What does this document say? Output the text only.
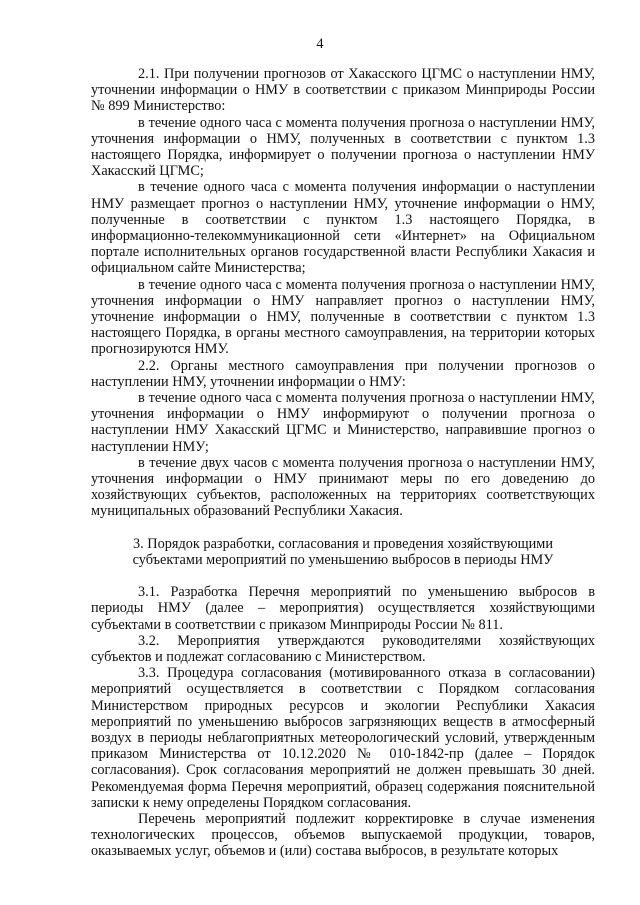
4

2.1. При получении прогнозов от Хакасского ЦГМС о наступлении НМУ, уточнении информации о НМУ в соответствии с приказом Минприроды России № 899 Министерство:

в течение одного часа с момента получения прогноза о наступлении НМУ, уточнения информации о НМУ, полученных в соответствии с пунктом 1.3 настоящего Порядка, информирует о получении прогноза о наступлении НМУ Хакасский ЦГМС;

в течение одного часа с момента получения информации о наступлении НМУ размещает прогноз о наступлении НМУ, уточнение информации о НМУ, полученные в соответствии с пунктом 1.3 настоящего Порядка, в информационно-телекоммуникационной сети «Интернет» на Официальном портале исполнительных органов государственной власти Республики Хакасия и официальном сайте Министерства;

в течение одного часа с момента получения прогноза о наступлении НМУ, уточнения информации о НМУ направляет прогноз о наступлении НМУ, уточнение информации о НМУ, полученные в соответствии с пунктом 1.3 настоящего Порядка, в органы местного самоуправления, на территории которых прогнозируются НМУ.

2.2. Органы местного самоуправления при получении прогнозов о наступлении НМУ, уточнении информации о НМУ:

в течение одного часа с момента получения прогноза о наступлении НМУ, уточнения информации о НМУ информируют о получении прогноза о наступлении НМУ Хакасский ЦГМС и Министерство, направившие прогноз о наступлении НМУ;

в течение двух часов с момента получения прогноза о наступлении НМУ, уточнения информации о НМУ принимают меры по его доведению до хозяйствующих субъектов, расположенных на территориях соответствующих муниципальных образований Республики Хакасия.

3. Порядок разработки, согласования и проведения хозяйствующими субъектами мероприятий по уменьшению выбросов в периоды НМУ

3.1. Разработка Перечня мероприятий по уменьшению выбросов в периоды НМУ (далее – мероприятия) осуществляется хозяйствующими субъектами в соответствии с приказом Минприроды России № 811.

3.2. Мероприятия утверждаются руководителями хозяйствующих субъектов и подлежат согласованию с Министерством.

3.3. Процедура согласования (мотивированного отказа в согласовании) мероприятий осуществляется в соответствии с Порядком согласования Министерством природных ресурсов и экологии Республики Хакасия мероприятий по уменьшению выбросов загрязняющих веществ в атмосферный воздух в периоды неблагоприятных метеорологический условий, утвержденным приказом Министерства от 10.12.2020 № 010-1842-пр (далее – Порядок согласования). Срок согласования мероприятий не должен превышать 30 дней. Рекомендуемая форма Перечня мероприятий, образец содержания пояснительной записки к нему определены Порядком согласования.

Перечень мероприятий подлежит корректировке в случае изменения технологических процессов, объемов выпускаемой продукции, товаров, оказываемых услуг, объемов и (или) состава выбросов, в результате которых
